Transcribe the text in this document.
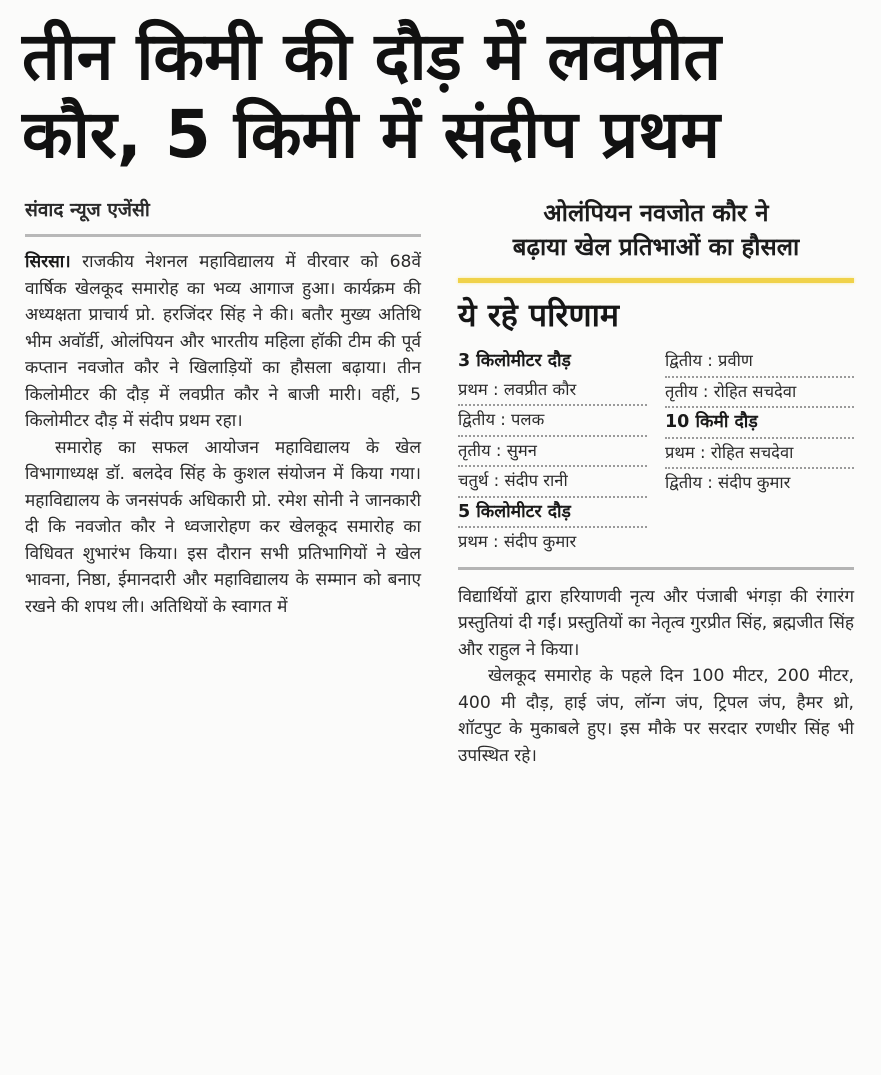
तीन किमी की दौड़ में लवप्रीत
कौर, 5 किमी में संदीप प्रथम
संवाद न्यूज एजेंसी

सिरसा। राजकीय नेशनल महाविद्यालय में वीरवार को 68वें वार्षिक खेलकूद समारोह का भव्य आगाज हुआ। कार्यक्रम की अध्यक्षता प्राचार्य प्रो. हरजिंदर सिंह ने की। बतौर मुख्य अतिथि भीम अवॉर्डी, ओलंपियन और भारतीय महिला हॉकी टीम की पूर्व कप्तान नवजोत कौर ने खिलाड़ियों का हौसला बढ़ाया। तीन किलोमीटर की दौड़ में लवप्रीत कौर ने बाजी मारी। वहीं, 5 किलोमीटर दौड़ में संदीप प्रथम रहा।

समारोह का सफल आयोजन महाविद्यालय के खेल विभागाध्यक्ष डॉ. बलदेव सिंह के कुशल संयोजन में किया गया। महाविद्यालय के जनसंपर्क अधिकारी प्रो. रमेश सोनी ने जानकारी दी कि नवजोत कौर ने ध्वजारोहण कर खेलकूद समारोह का विधिवत शुभारंभ किया। इस दौरान सभी प्रतिभागियों ने खेल भावना, निष्ठा, ईमानदारी और महाविद्यालय के सम्मान को बनाए रखने की शपथ ली। अतिथियों के स्वागत में

ओलंपियन नवजोत कौर ने

बढ़ाया खेल प्रतिभाओं का हौसला

ये रहे परिणाम
3 किलोमीटर दौड़
प्रथम : लवप्रीत कौर
द्वितीय : पलक
तृतीय : सुमन
चतुर्थ : संदीप रानी
5 किलोमीटर दौड़
प्रथम : संदीप कुमार
द्वितीय : प्रवीण
तृतीय : रोहित सचदेवा
10 किमी दौड़
प्रथम : रोहित सचदेवा
द्वितीय : संदीप कुमार

विद्यार्थियों द्वारा हरियाणवी नृत्य और पंजाबी भंगड़ा की रंगारंग प्रस्तुतियां दी गईं। प्रस्तुतियों का नेतृत्व गुरप्रीत सिंह, ब्रह्मजीत सिंह और राहुल ने किया।

खेलकूद समारोह के पहले दिन 100 मीटर, 200 मीटर, 400 मी दौड़, हाई जंप, लॉन्ग जंप, ट्रिपल जंप, हैमर थ्रो, शॉटपुट के मुकाबले हुए। इस मौके पर सरदार रणधीर सिंह भी उपस्थित रहे।
